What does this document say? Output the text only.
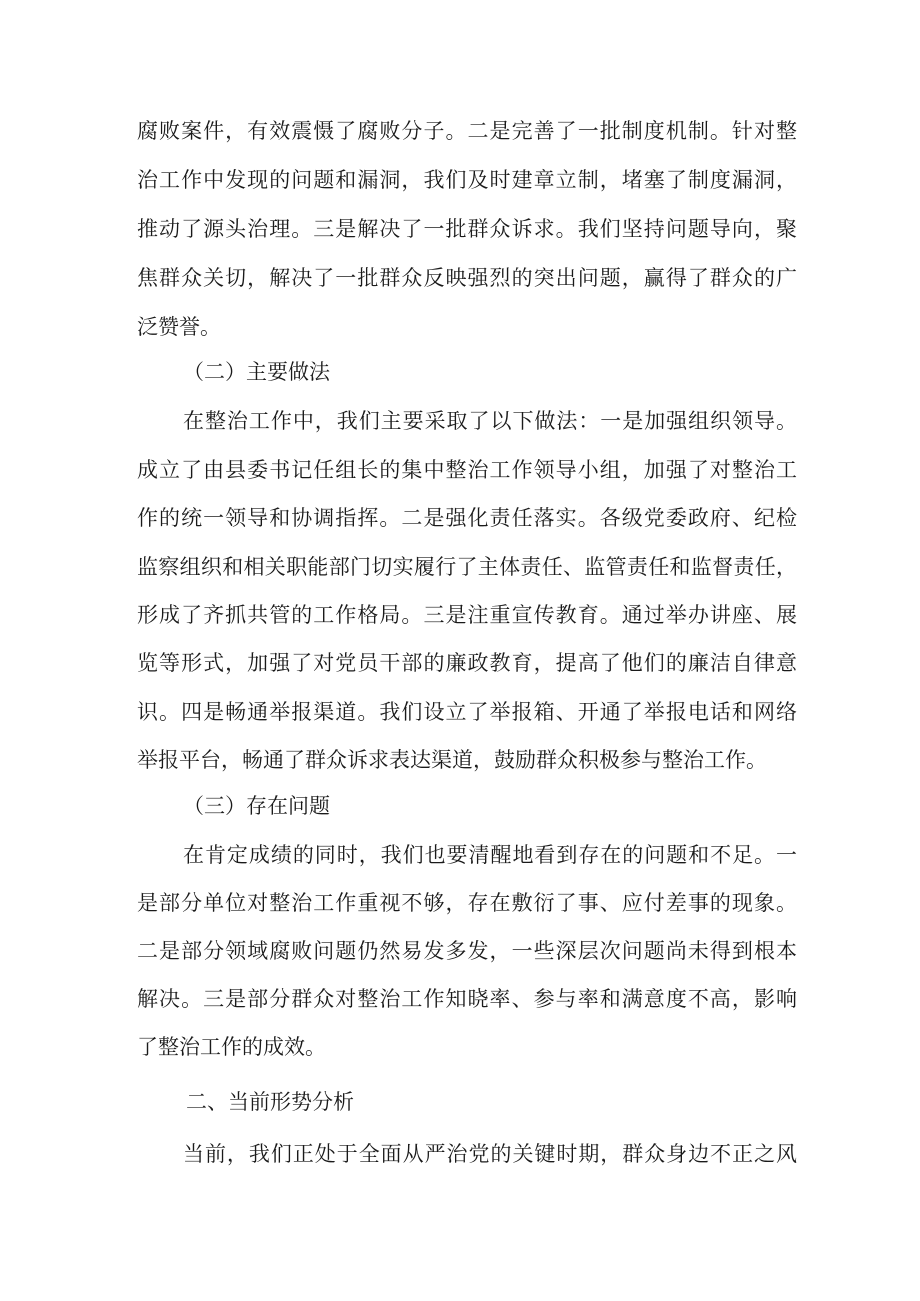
腐败案件，有效震慑了腐败分子。二是完善了一批制度机制。针对整
治工作中发现的问题和漏洞，我们及时建章立制，堵塞了制度漏洞，
推动了源头治理。三是解决了一批群众诉求。我们坚持问题导向，聚
焦群众关切，解决了一批群众反映强烈的突出问题，赢得了群众的广
泛赞誉。
（二）主要做法
在整治工作中，我们主要采取了以下做法：一是加强组织领导。
成立了由县委书记任组长的集中整治工作领导小组，加强了对整治工
作的统一领导和协调指挥。二是强化责任落实。各级党委政府、纪检
监察组织和相关职能部门切实履行了主体责任、监管责任和监督责任，
形成了齐抓共管的工作格局。三是注重宣传教育。通过举办讲座、展
览等形式，加强了对党员干部的廉政教育，提高了他们的廉洁自律意
识。四是畅通举报渠道。我们设立了举报箱、开通了举报电话和网络
举报平台，畅通了群众诉求表达渠道，鼓励群众积极参与整治工作。
（三）存在问题
在肯定成绩的同时，我们也要清醒地看到存在的问题和不足。一
是部分单位对整治工作重视不够，存在敷衍了事、应付差事的现象。
二是部分领域腐败问题仍然易发多发，一些深层次问题尚未得到根本
解决。三是部分群众对整治工作知晓率、参与率和满意度不高，影响
了整治工作的成效。
二、当前形势分析
当前，我们正处于全面从严治党的关键时期，群众身边不正之风
